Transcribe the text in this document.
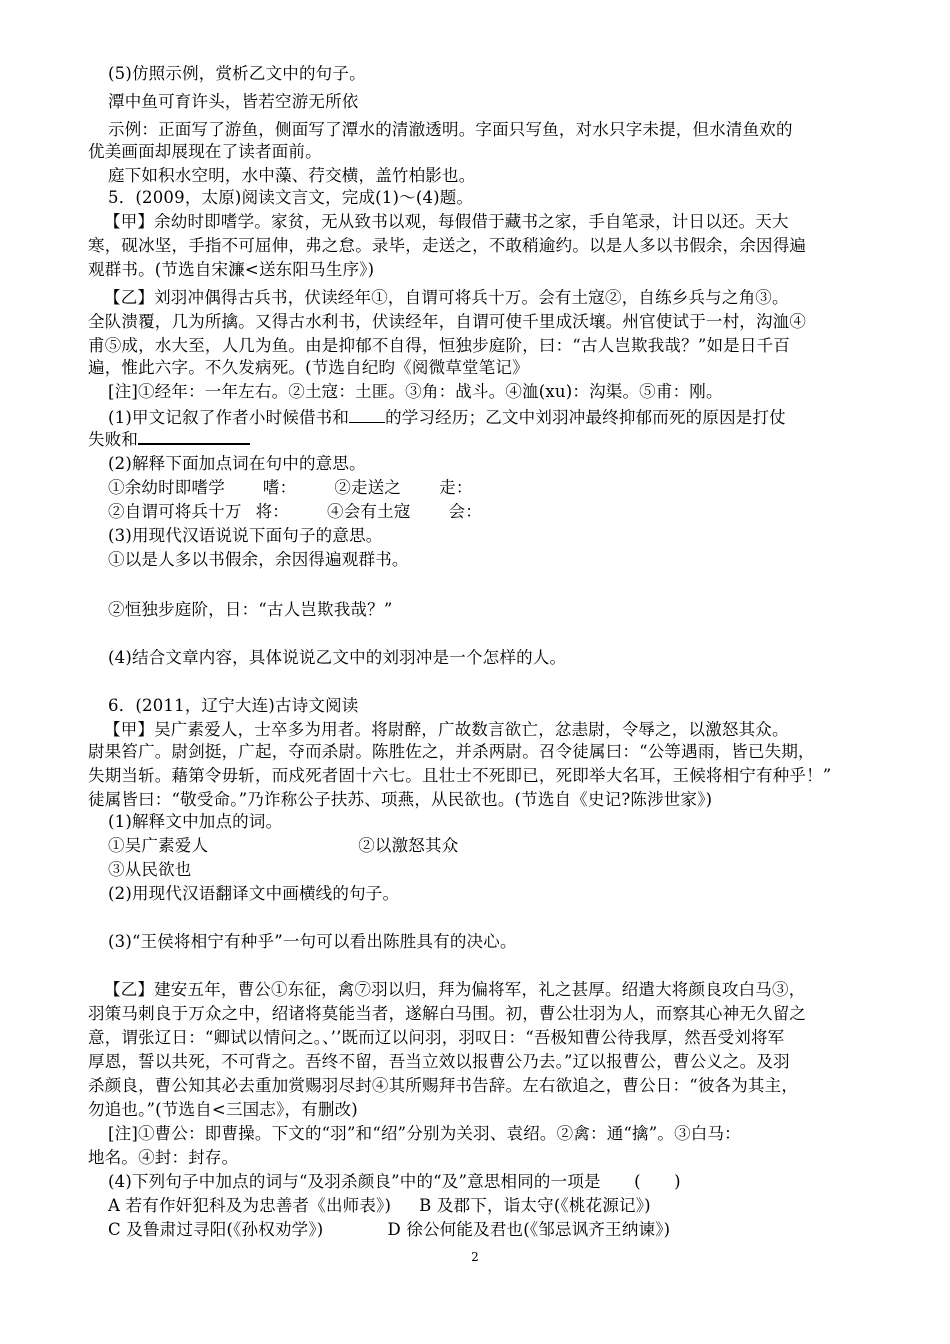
(5)仿照示例，赏析乙文中的句子。
潭中鱼可育许头，皆若空游无所依
示例：正面写了游鱼，侧面写了潭水的清澈透明。字面只写鱼，对水只字未提，但水清鱼欢的
优美画面却展现在了读者面前。
庭下如积水空明，水中藻、荇交横，盖竹柏影也。
5．(2009，太原)阅读文言文，完成(1)～(4)题。
【甲】余幼时即嗜学。家贫，无从致书以观，每假借于藏书之家，手自笔录，计日以还。天大
寒，砚冰坚，手指不可屈伸，弗之怠。录毕，走送之，不敢稍逾约。以是人多以书假余，余因得遍
观群书。(节选自宋濂<送东阳马生序》)
【乙】刘羽冲偶得古兵书，伏读经年①，自谓可将兵十万。会有土寇②，自练乡兵与之角③。
全队溃覆，几为所擒。又得古水利书，伏读经年，自谓可使千里成沃壤。州官使试于一村，沟洫④
甫⑤成，水大至，人几为鱼。由是抑郁不自得，恒独步庭阶，曰：“古人岂欺我哉？”如是日千百
遍，惟此六字。不久发病死。(节选自纪昀《阅微草堂笔记》
[注]①经年：一年左右。②土寇：土匪。③角：战斗。④洫(xu)：沟渠。⑤甫：刚。
(1)甲文记叙了作者小时候借书和 的学习经历；乙文中刘羽冲最终抑郁而死的原因是打仗
失败和
(2)解释下面加点词在句中的意思。
①余幼时即嗜学 嗜： ②走送之 走：
②自谓可将兵十万 将： ④会有土寇 会：
(3)用现代汉语说说下面句子的意思。
①以是人多以书假余，余因得遍观群书。
②恒独步庭阶，日：“古人岂欺我哉？”
(4)结合文章内容，具体说说乙文中的刘羽冲是一个怎样的人。
6．(2011，辽宁大连)古诗文阅读
【甲】吴广素爱人，士卒多为用者。将尉醉，广故数言欲亡，忿恚尉，令辱之，以激怒其众。
尉果笞广。尉剑挺，广起，夺而杀尉。陈胜佐之，并杀两尉。召令徒属曰：“公等遇雨，皆已失期，
失期当斩。藉第令毋斩，而戍死者固十六七。且壮士不死即已，死即举大名耳，王候将相宁有种乎！”
徒属皆曰：“敬受命。”乃诈称公子扶苏、项燕，从民欲也。(节选自《史记?陈涉世家》)
(1)解释文中加点的词。
①吴广素爱人	②以激怒其众
③从民欲也
(2)用现代汉语翻译文中画横线的句子。
(3)“王侯将相宁有种乎”一句可以看出陈胜具有的决心。
【乙】建安五年，曹公①东征，禽⑦羽以归，拜为偏将军，礼之甚厚。绍遣大将颜良攻白马③，
羽策马刺良于万众之中，绍诸将莫能当者，遂解白马围。初，曹公壮羽为人，而察其心神无久留之
意，谓张辽日：“卿试以情问之。、’’既而辽以问羽，羽叹日：“吾极知曹公待我厚，然吾受刘将军
厚恩，誓以共死，不可背之。吾终不留，吾当立效以报曹公乃去。”辽以报曹公，曹公义之。及羽
杀颜良，曹公知其必去重加赏赐羽尽封④其所赐拜书告辞。左右欲追之，曹公日：“彼各为其主，
勿追也。”(节选自<三国志》，有删改)
[注]①曹公：即曹操。下文的“羽”和“绍”分别为关羽、袁绍。②禽：通“擒”。③白马：
地名。④封：封存。
(4)下列句子中加点的词与“及羽杀颜良”中的“及”意思相同的一项是　　(　　)
A 若有作奸犯科及为忠善者《出师表》) B 及郡下，诣太守(《桃花源记》)
C 及鲁肃过寻阳(《孙权劝学》)	D 徐公何能及君也(《邹忌讽齐王纳谏》)
2
